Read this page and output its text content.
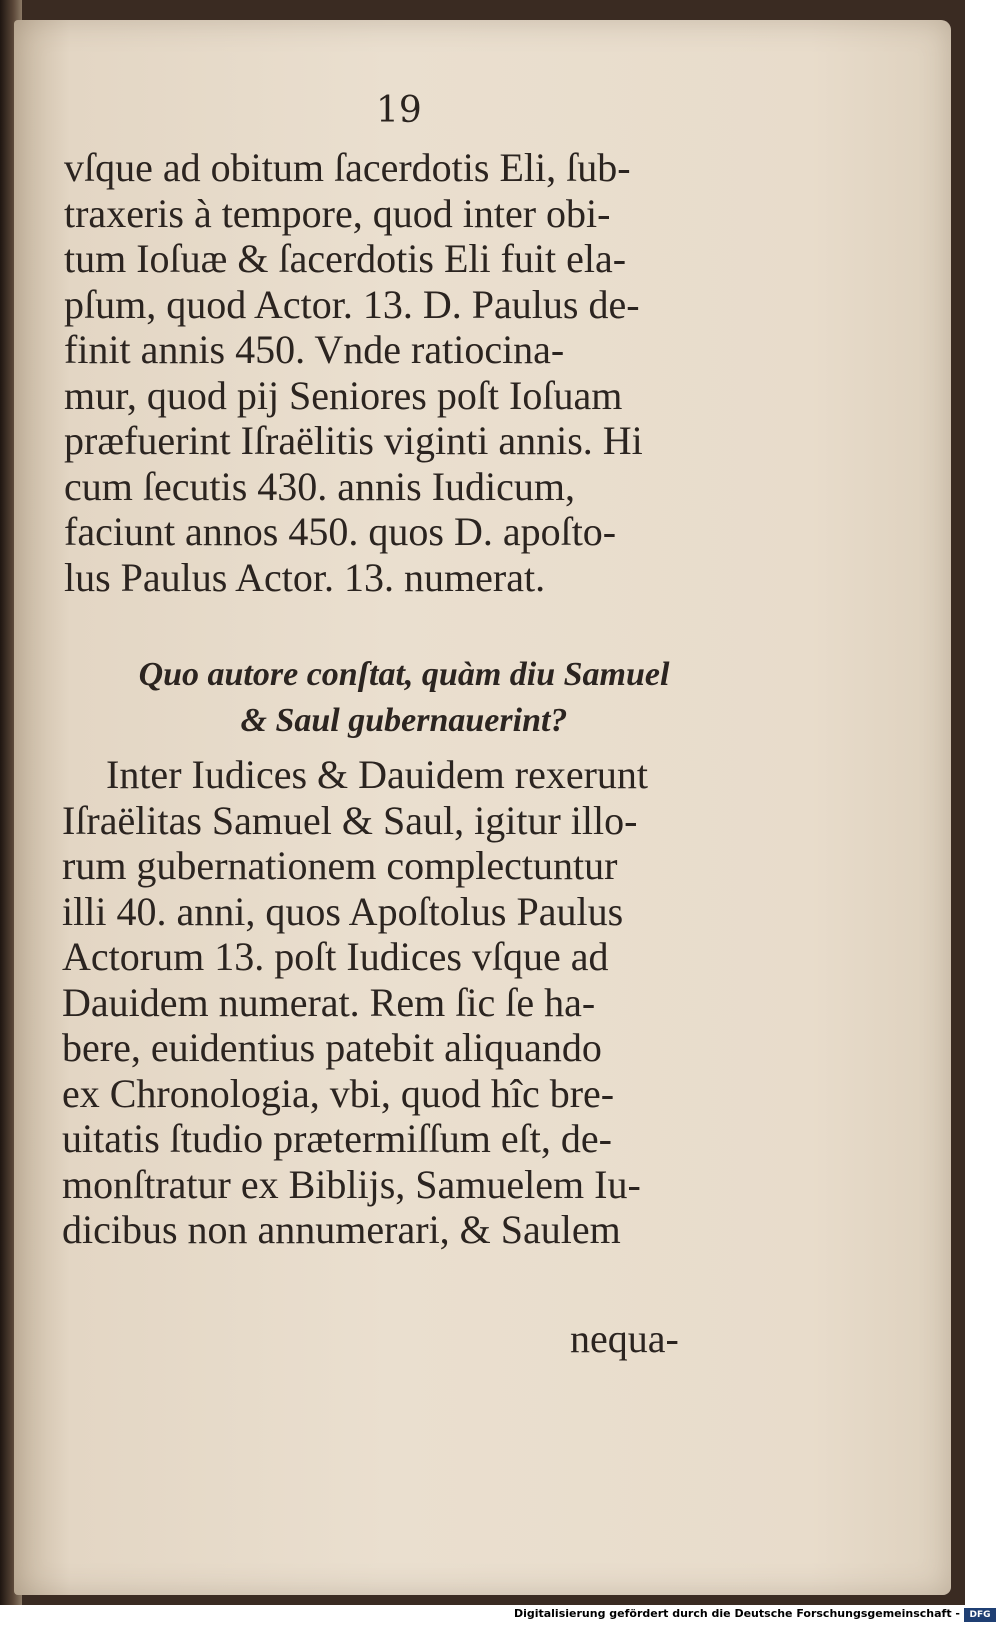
19
vſque ad obitum ſacerdotis Eli, ſub-
traxeris à tempore, quod inter obi-
tum Ioſuæ & ſacerdotis Eli fuit ela-
pſum, quod Actor. 13. D. Paulus de-
finit annis 450. Vnde ratiocina-
mur, quod pij Seniores poſt Ioſuam
præfuerint Iſraëlitis viginti annis. Hi
cum ſecutis 430. annis Iudicum,
faciunt annos 450. quos D. apoſto-
lus Paulus Actor. 13. numerat.
Quo autore conſtat, quàm diu Samuel
& Saul gubernauerint?
Inter Iudices & Dauidem rexerunt
Iſraëlitas Samuel & Saul, igitur illo-
rum gubernationem complectuntur
illi 40. anni, quos Apoſtolus Paulus
Actorum 13. poſt Iudices vſque ad
Dauidem numerat. Rem ſic ſe ha-
bere, euidentius patebit aliquando
ex Chronologia, vbi, quod hîc bre-
uitatis ſtudio prætermiſſum eſt, de-
monſtratur ex Biblijs, Samuelem Iu-
dicibus non annumerari, & Saulem
nequa-
Digitalisierung gefördert durch die Deutsche Forschungsgemeinschaft -	DFG
